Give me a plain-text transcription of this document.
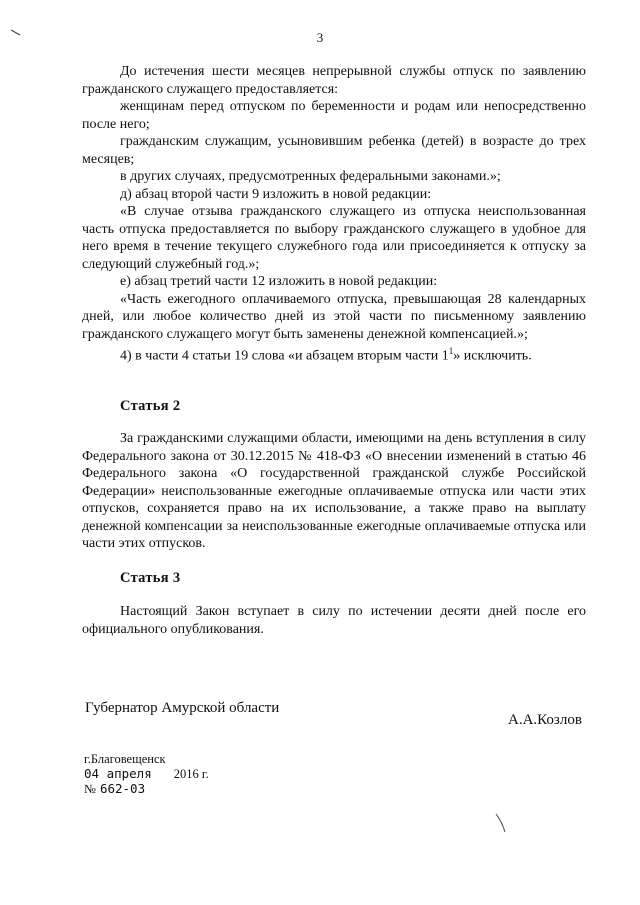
3

До истечения шести месяцев непрерывной службы отпуск по заявлению гражданского служащего предоставляется:

женщинам перед отпуском по беременности и родам или непосредственно после него;

гражданским служащим, усыновившим ребенка (детей) в возрасте до трех месяцев;

в других случаях, предусмотренных федеральными законами.»;

д) абзац второй части 9 изложить в новой редакции:

«В случае отзыва гражданского служащего из отпуска неиспользованная часть отпуска предоставляется по выбору гражданского служащего в удобное для него время в течение текущего служебного года или присоединяется к отпуску за следующий служебный год.»;

е) абзац третий части 12 изложить в новой редакции:

«Часть ежегодного оплачиваемого отпуска, превышающая 28 календарных дней, или любое количество дней из этой части по письменному заявлению гражданского служащего могут быть заменены денежной компенсацией.»;

4) в части 4 статьи 19 слова «и абзацем вторым части $1^1$» исключить.

Статья 2

За гражданскими служащими области, имеющими на день вступления в силу Федерального закона от 30.12.2015 № 418-ФЗ «О внесении изменений в статью 46 Федерального закона «О государственной гражданской службе Российской Федерации» неиспользованные ежегодные оплачиваемые отпуска или части этих отпусков, сохраняется право на их использование, а также право на выплату денежной компенсации за неиспользованные ежегодные оплачиваемые отпуска или части этих отпусков.

Статья 3

Настоящий Закон вступает в силу по истечении десяти дней после его официального опубликования.

Губернатор Амурской области
А.А.Козлов
г.Благовещенск
04 апреля 2016 г.
№ 662-03
